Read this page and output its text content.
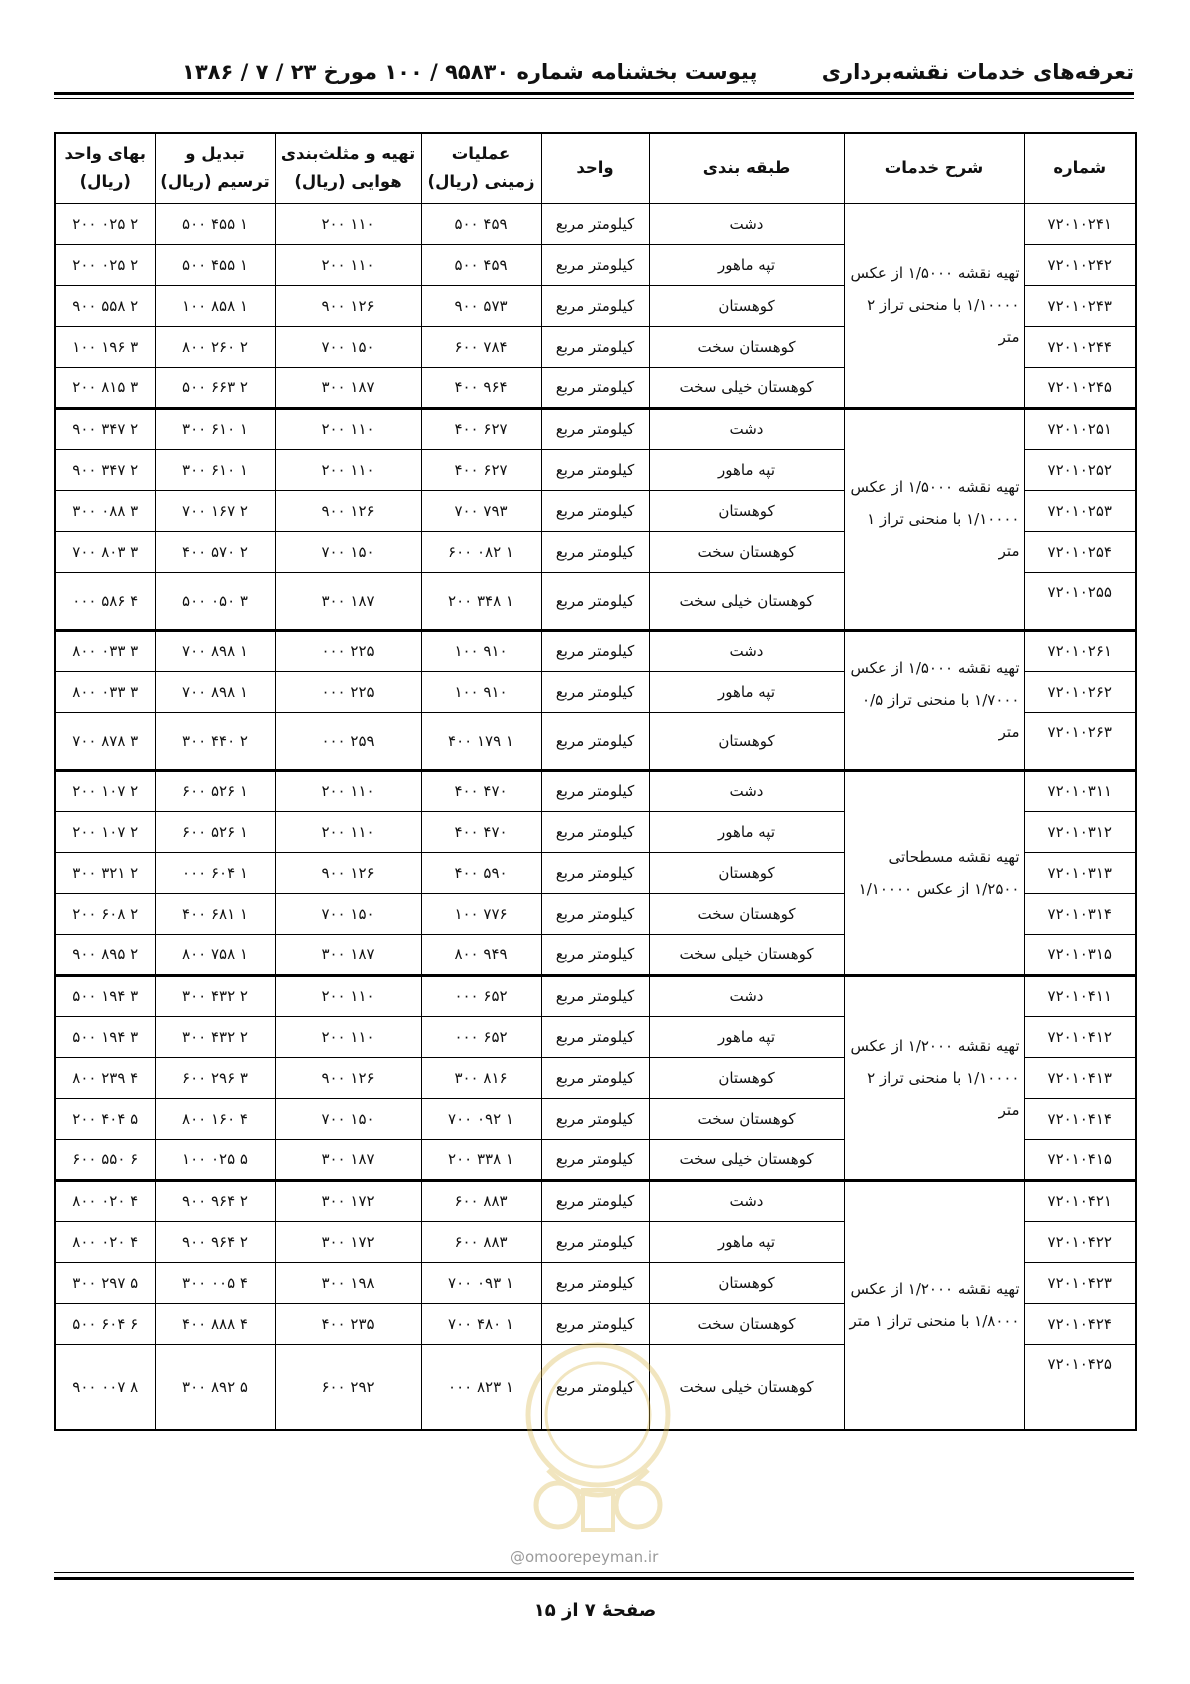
تعرفه‌های خدمات نقشه‌برداری
پیوست بخشنامه شماره ۹۵۸۳۰ / ۱۰۰ مورخ ۲۳ / ۷ / ۱۳۸۶
شماره	شرح خدمات	طبقه بندی	واحد	عملیات زمینی (ریال)	تهیه و مثلث‌بندی هوایی (ریال)	تبدیل و ترسیم (ریال)	بهای واحد (ریال)
۷۲۰۱۰۲۴۱	تهیه نقشه ۱/۵۰۰۰ از عکس ۱/۱۰۰۰۰ با منحنی تراز ۲ متر	دشت	کیلومتر مربع	۴۵۹ ۵۰۰	۱۱۰ ۲۰۰	۱ ۴۵۵ ۵۰۰	۲ ۰۲۵ ۲۰۰
۷۲۰۱۰۲۴۲		تپه ماهور	کیلومتر مربع	۴۵۹ ۵۰۰	۱۱۰ ۲۰۰	۱ ۴۵۵ ۵۰۰	۲ ۰۲۵ ۲۰۰
۷۲۰۱۰۲۴۳		کوهستان	کیلومتر مربع	۵۷۳ ۹۰۰	۱۲۶ ۹۰۰	۱ ۸۵۸ ۱۰۰	۲ ۵۵۸ ۹۰۰
۷۲۰۱۰۲۴۴		کوهستان سخت	کیلومتر مربع	۷۸۴ ۶۰۰	۱۵۰ ۷۰۰	۲ ۲۶۰ ۸۰۰	۳ ۱۹۶ ۱۰۰
۷۲۰۱۰۲۴۵		کوهستان خیلی سخت	کیلومتر مربع	۹۶۴ ۴۰۰	۱۸۷ ۳۰۰	۲ ۶۶۳ ۵۰۰	۳ ۸۱۵ ۲۰۰
۷۲۰۱۰۲۵۱	تهیه نقشه ۱/۵۰۰۰ از عکس ۱/۱۰۰۰۰ با منحنی تراز ۱ متر	دشت	کیلومتر مربع	۶۲۷ ۴۰۰	۱۱۰ ۲۰۰	۱ ۶۱۰ ۳۰۰	۲ ۳۴۷ ۹۰۰
۷۲۰۱۰۲۵۲		تپه ماهور	کیلومتر مربع	۶۲۷ ۴۰۰	۱۱۰ ۲۰۰	۱ ۶۱۰ ۳۰۰	۲ ۳۴۷ ۹۰۰
۷۲۰۱۰۲۵۳		کوهستان	کیلومتر مربع	۷۹۳ ۷۰۰	۱۲۶ ۹۰۰	۲ ۱۶۷ ۷۰۰	۳ ۰۸۸ ۳۰۰
۷۲۰۱۰۲۵۴		کوهستان سخت	کیلومتر مربع	۱ ۰۸۲ ۶۰۰	۱۵۰ ۷۰۰	۲ ۵۷۰ ۴۰۰	۳ ۸۰۳ ۷۰۰
۷۲۰۱۰۲۵۵		کوهستان خیلی سخت	کیلومتر مربع	۱ ۳۴۸ ۲۰۰	۱۸۷ ۳۰۰	۳ ۰۵۰ ۵۰۰	۴ ۵۸۶ ۰۰۰
۷۲۰۱۰۲۶۱	تهیه نقشه ۱/۵۰۰۰ از عکس ۱/۷۰۰۰ با منحنی تراز ۰/۵ متر	دشت	کیلومتر مربع	۹۱۰ ۱۰۰	۲۲۵ ۰۰۰	۱ ۸۹۸ ۷۰۰	۳ ۰۳۳ ۸۰۰
۷۲۰۱۰۲۶۲		تپه ماهور	کیلومتر مربع	۹۱۰ ۱۰۰	۲۲۵ ۰۰۰	۱ ۸۹۸ ۷۰۰	۳ ۰۳۳ ۸۰۰
۷۲۰۱۰۲۶۳		کوهستان	کیلومتر مربع	۱ ۱۷۹ ۴۰۰	۲۵۹ ۰۰۰	۲ ۴۴۰ ۳۰۰	۳ ۸۷۸ ۷۰۰
۷۲۰۱۰۳۱۱	تهیه نقشه مسطحاتی ۱/۲۵۰۰ از عکس ۱/۱۰۰۰۰	دشت	کیلومتر مربع	۴۷۰ ۴۰۰	۱۱۰ ۲۰۰	۱ ۵۲۶ ۶۰۰	۲ ۱۰۷ ۲۰۰
۷۲۰۱۰۳۱۲		تپه ماهور	کیلومتر مربع	۴۷۰ ۴۰۰	۱۱۰ ۲۰۰	۱ ۵۲۶ ۶۰۰	۲ ۱۰۷ ۲۰۰
۷۲۰۱۰۳۱۳		کوهستان	کیلومتر مربع	۵۹۰ ۴۰۰	۱۲۶ ۹۰۰	۱ ۶۰۴ ۰۰۰	۲ ۳۲۱ ۳۰۰
۷۲۰۱۰۳۱۴		کوهستان سخت	کیلومتر مربع	۷۷۶ ۱۰۰	۱۵۰ ۷۰۰	۱ ۶۸۱ ۴۰۰	۲ ۶۰۸ ۲۰۰
۷۲۰۱۰۳۱۵		کوهستان خیلی سخت	کیلومتر مربع	۹۴۹ ۸۰۰	۱۸۷ ۳۰۰	۱ ۷۵۸ ۸۰۰	۲ ۸۹۵ ۹۰۰
۷۲۰۱۰۴۱۱	تهیه نقشه ۱/۲۰۰۰ از عکس ۱/۱۰۰۰۰ با منحنی تراز ۲ متر	دشت	کیلومتر مربع	۶۵۲ ۰۰۰	۱۱۰ ۲۰۰	۲ ۴۳۲ ۳۰۰	۳ ۱۹۴ ۵۰۰
۷۲۰۱۰۴۱۲		تپه ماهور	کیلومتر مربع	۶۵۲ ۰۰۰	۱۱۰ ۲۰۰	۲ ۴۳۲ ۳۰۰	۳ ۱۹۴ ۵۰۰
۷۲۰۱۰۴۱۳		کوهستان	کیلومتر مربع	۸۱۶ ۳۰۰	۱۲۶ ۹۰۰	۳ ۲۹۶ ۶۰۰	۴ ۲۳۹ ۸۰۰
۷۲۰۱۰۴۱۴		کوهستان سخت	کیلومتر مربع	۱ ۰۹۲ ۷۰۰	۱۵۰ ۷۰۰	۴ ۱۶۰ ۸۰۰	۵ ۴۰۴ ۲۰۰
۷۲۰۱۰۴۱۵		کوهستان خیلی سخت	کیلومتر مربع	۱ ۳۳۸ ۲۰۰	۱۸۷ ۳۰۰	۵ ۰۲۵ ۱۰۰	۶ ۵۵۰ ۶۰۰
۷۲۰۱۰۴۲۱	تهیه نقشه ۱/۲۰۰۰ از عکس ۱/۸۰۰۰ با منحنی تراز ۱ متر	دشت	کیلومتر مربع	۸۸۳ ۶۰۰	۱۷۲ ۳۰۰	۲ ۹۶۴ ۹۰۰	۴ ۰۲۰ ۸۰۰
۷۲۰۱۰۴۲۲		تپه ماهور	کیلومتر مربع	۸۸۳ ۶۰۰	۱۷۲ ۳۰۰	۲ ۹۶۴ ۹۰۰	۴ ۰۲۰ ۸۰۰
۷۲۰۱۰۴۲۳		کوهستان	کیلومتر مربع	۱ ۰۹۳ ۷۰۰	۱۹۸ ۳۰۰	۴ ۰۰۵ ۳۰۰	۵ ۲۹۷ ۳۰۰
۷۲۰۱۰۴۲۴		کوهستان سخت	کیلومتر مربع	۱ ۴۸۰ ۷۰۰	۲۳۵ ۴۰۰	۴ ۸۸۸ ۴۰۰	۶ ۶۰۴ ۵۰۰
۷۲۰۱۰۴۲۵		کوهستان خیلی سخت	کیلومتر مربع	۱ ۸۲۳ ۰۰۰	۲۹۲ ۶۰۰	۵ ۸۹۲ ۳۰۰	۸ ۰۰۷ ۹۰۰
@omoorepeyman.ir
صفحهٔ ۷ از ۱۵
